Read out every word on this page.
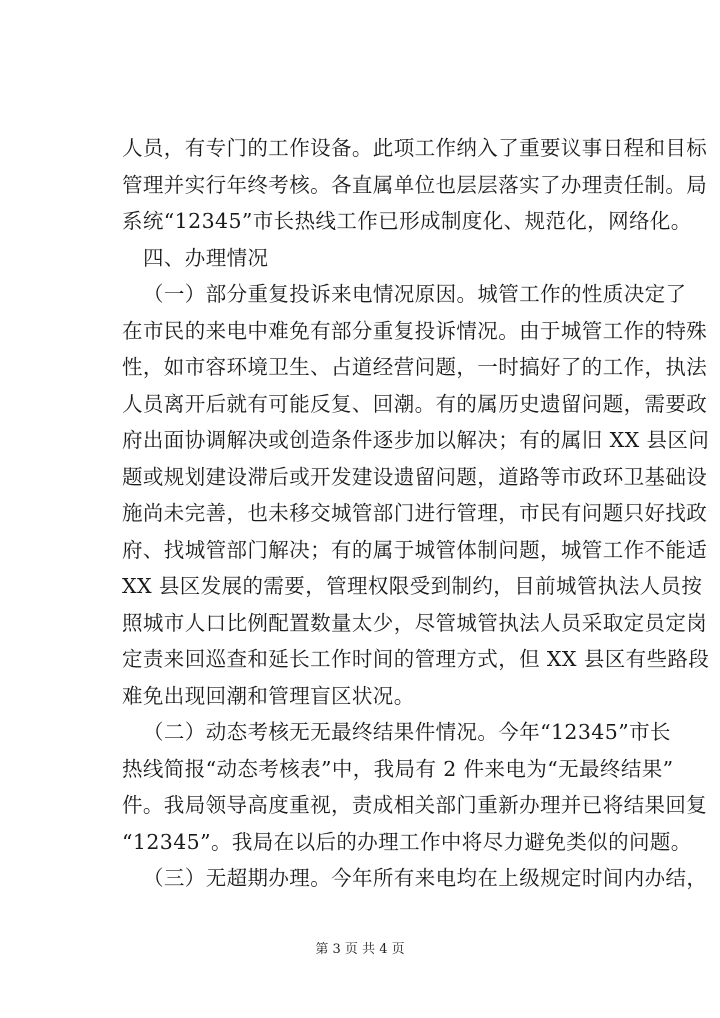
人员，有专门的工作设备。此项工作纳入了重要议事日程和目标
管理并实行年终考核。各直属单位也层层落实了办理责任制。局
系统“12345”市长热线工作已形成制度化、规范化，网络化。
四、办理情况
（一）部分重复投诉来电情况原因。城管工作的性质决定了
在市民的来电中难免有部分重复投诉情况。由于城管工作的特殊
性，如市容环境卫生、占道经营问题，一时搞好了的工作，执法
人员离开后就有可能反复、回潮。有的属历史遗留问题，需要政
府出面协调解决或创造条件逐步加以解决；有的属旧 XX 县区问
题或规划建设滞后或开发建设遗留问题，道路等市政环卫基础设
施尚未完善，也未移交城管部门进行管理，市民有问题只好找政
府、找城管部门解决；有的属于城管体制问题，城管工作不能适
XX 县区发展的需要，管理权限受到制约，目前城管执法人员按
照城市人口比例配置数量太少，尽管城管执法人员采取定员定岗
定责来回巡查和延长工作时间的管理方式，但 XX 县区有些路段
难免出现回潮和管理盲区状况。
（二）动态考核无无最终结果件情况。今年“12345”市长
热线简报“动态考核表”中，我局有 2 件来电为“无最终结果”
件。我局领导高度重视，责成相关部门重新办理并已将结果回复
“12345”。我局在以后的办理工作中将尽力避免类似的问题。
（三）无超期办理。今年所有来电均在上级规定时间内办结，
第 3 页 共 4 页
